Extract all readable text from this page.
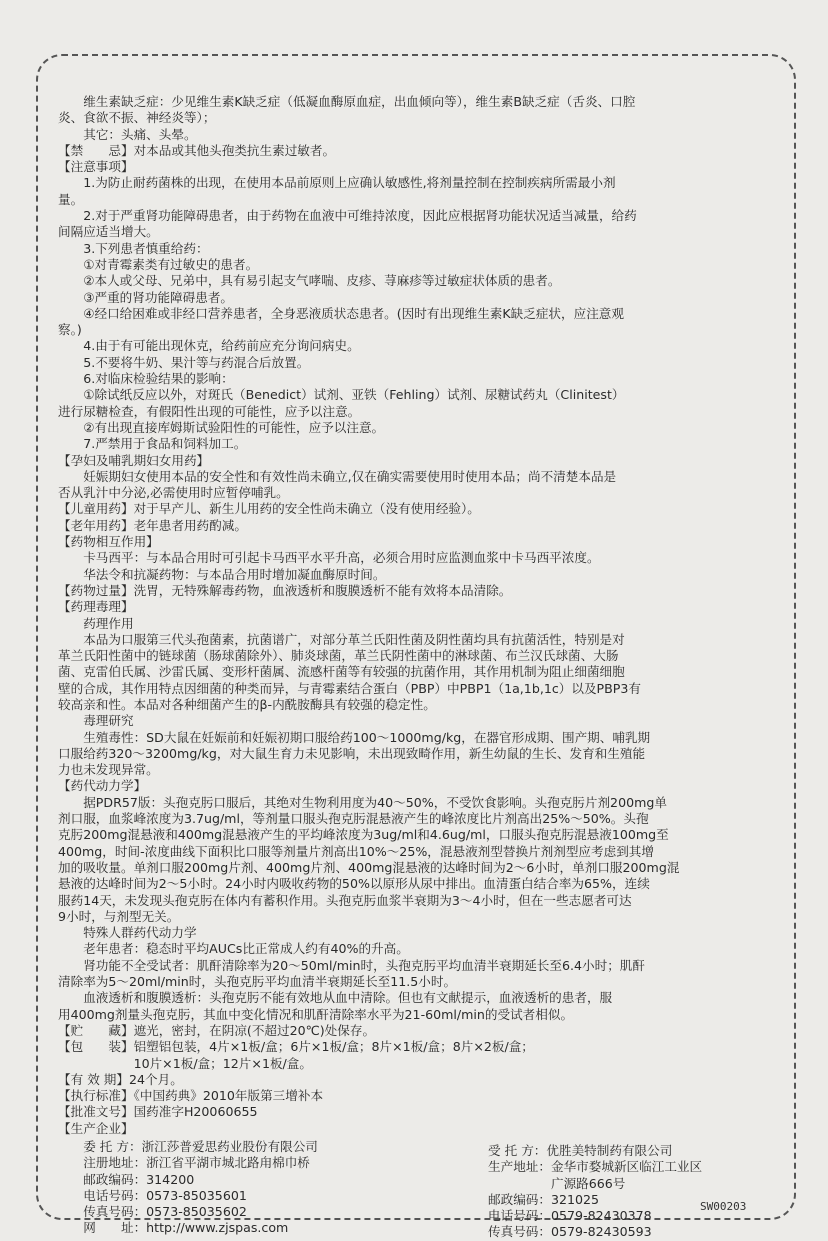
　　维生素缺乏症：少见维生素K缺乏症（低凝血酶原血症，出血倾向等），维生素B缺乏症（舌炎、口腔

炎、食欲不振、神经炎等）；

　　其它：头痛、头晕。

【禁　　忌】对本品或其他头孢类抗生素过敏者。

【注意事项】

　　1.为防止耐药菌株的出现，在使用本品前原则上应确认敏感性,将剂量控制在控制疾病所需最小剂

量。

　　2.对于严重肾功能障碍患者，由于药物在血液中可维持浓度，因此应根据肾功能状况适当减量，给药

间隔应适当增大。

　　3.下列患者慎重给药：

　　①对青霉素类有过敏史的患者。

　　②本人或父母、兄弟中，具有易引起支气哮喘、皮疹、荨麻疹等过敏症状体质的患者。

　　③严重的肾功能障碍患者。

　　④经口给困难或非经口营养患者，全身恶液质状态患者。(因时有出现维生素K缺乏症状，应注意观

察。)

　　4.由于有可能出现休克，给药前应充分询问病史。

　　5.不要将牛奶、果汁等与药混合后放置。

　　6.对临床检验结果的影响：

　　①除试纸反应以外，对斑氏（Benedict）试剂、亚铁（Fehling）试剂、尿糖试药丸（Clinitest）

进行尿糖检查，有假阳性出现的可能性，应予以注意。

　　②有出现直接库姆斯试验阳性的可能性，应予以注意。

　　7.严禁用于食品和饲料加工。

【孕妇及哺乳期妇女用药】

　　妊娠期妇女使用本品的安全性和有效性尚未确立,仅在确实需要使用时使用本品；尚不清楚本品是

否从乳汁中分泌,必需使用时应暂停哺乳。

【儿童用药】对于早产儿、新生儿用药的安全性尚未确立（没有使用经验）。

【老年用药】老年患者用药酌减。

【药物相互作用】

　　卡马西平：与本品合用时可引起卡马西平水平升高，必须合用时应监测血浆中卡马西平浓度。

　　华法令和抗凝药物：与本品合用时增加凝血酶原时间。

【药物过量】洗胃，无特殊解毒药物，血液透析和腹膜透析不能有效将本品清除。

【药理毒理】

　　药理作用

　　本品为口服第三代头孢菌素，抗菌谱广，对部分革兰氏阳性菌及阴性菌均具有抗菌活性，特别是对

革兰氏阳性菌中的链球菌（肠球菌除外）、肺炎球菌，革兰氏阴性菌中的淋球菌、布兰汉氏球菌、大肠

菌、克雷伯氏属、沙雷氏属、变形杆菌属、流感杆菌等有较强的抗菌作用，其作用机制为阻止细菌细胞

壁的合成，其作用特点因细菌的种类而异，与青霉素结合蛋白（PBP）中PBP1（1a,1b,1c）以及PBP3有

较高亲和性。本品对各种细菌产生的β-内酰胺酶具有较强的稳定性。

　　毒理研究

　　生殖毒性：SD大鼠在妊娠前和妊娠初期口服给药100～1000mg/kg，在器官形成期、围产期、哺乳期

口服给药320～3200mg/kg，对大鼠生育力未见影响，未出现致畸作用，新生幼鼠的生长、发育和生殖能

力也未发现异常。

【药代动力学】

　　据PDR57版：头孢克肟口服后，其绝对生物利用度为40～50%，不受饮食影响。头孢克肟片剂200mg单

剂口服，血浆峰浓度为3.7ug/ml，等剂量口服头孢克肟混悬液产生的峰浓度比片剂高出25%～50%。头孢

克肟200mg混悬液和400mg混悬液产生的平均峰浓度为3ug/ml和4.6ug/ml，口服头孢克肟混悬液100mg至

400mg，时间-浓度曲线下面积比口服等剂量片剂高出10%～25%，混悬液剂型替换片剂剂型应考虑到其增

加的吸收量。单剂口服200mg片剂、400mg片剂、400mg混悬液的达峰时间为2～6小时，单剂口服200mg混

悬液的达峰时间为2～5小时。24小时内吸收药物的50%以原形从尿中排出。血清蛋白结合率为65%，连续

服药14天，未发现头孢克肟在体内有蓄积作用。头孢克肟血浆半衰期为3～4小时，但在一些志愿者可达

9小时，与剂型无关。

　　特殊人群药代动力学

　　老年患者：稳态时平均AUCs比正常成人约有40%的升高。

　　肾功能不全受试者：肌酐清除率为20～50ml/min时，头孢克肟平均血清半衰期延长至6.4小时；肌酐

清除率为5～20ml/min时，头孢克肟平均血清半衰期延长至11.5小时。

　　血液透析和腹膜透析：头孢克肟不能有效地从血中清除。但也有文献提示，血液透析的患者，服

用400mg剂量头孢克肟，其血中变化情况和肌酐清除率水平为21-60ml/min的受试者相似。

【贮　　藏】遮光，密封，在阴凉(不超过20℃)处保存。

【包　　装】铝塑铝包装，4片×1板/盒；6片×1板/盒；8片×1板/盒；8片×2板/盒；

　　　　　　10片×1板/盒；12片×1板/盒。

【有 效 期】24个月。

【执行标准】《中国药典》2010年版第三增补本

【批准文号】国药准字H20060655

【生产企业】

　　委 托 方： 浙江莎普爱思药业股份有限公司
　　注册地址： 浙江省平湖市城北路甪棉巾桥
　　邮政编码： 314200
　　电话号码： 0573-85035601
　　传真号码： 0573-85035602
　　网　　址： http://www.zjspas.com
受 托 方： 优胜美特制药有限公司
生产地址： 金华市婺城新区临江工业区

广源路666号
邮政编码： 321025
电话号码： 0579-82430378
传真号码： 0579-82430593
SW00203
